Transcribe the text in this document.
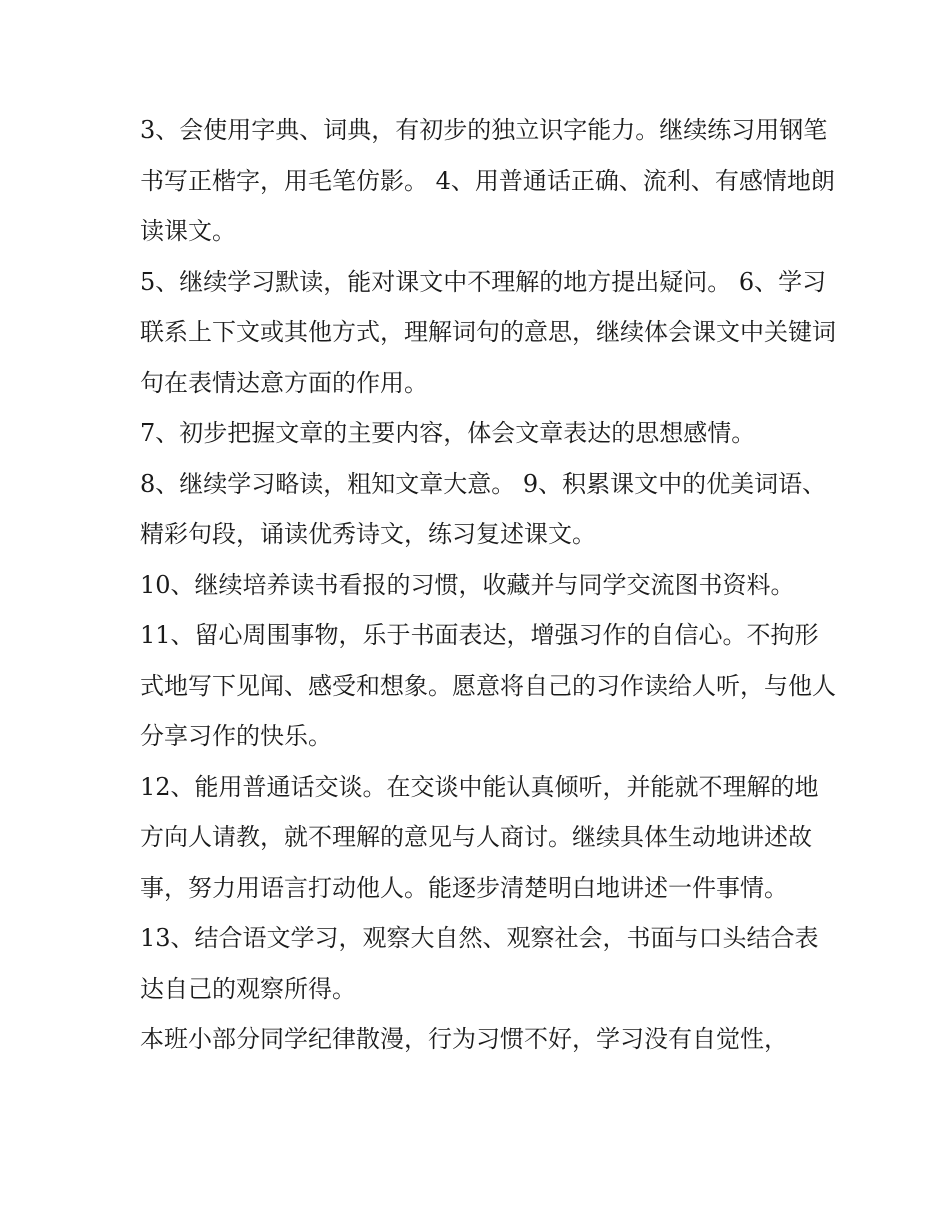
3、会使用字典、词典，有初步的独立识字能力。继续练习用钢笔书写正楷字，用毛笔仿影。 4、用普通话正确、流利、有感情地朗读课文。

5、继续学习默读，能对课文中不理解的地方提出疑问。 6、学习联系上下文或其他方式，理解词句的意思，继续体会课文中关键词句在表情达意方面的作用。

7、初步把握文章的主要内容，体会文章表达的思想感情。

8、继续学习略读，粗知文章大意。 9、积累课文中的优美词语、精彩句段，诵读优秀诗文，练习复述课文。

10、继续培养读书看报的习惯，收藏并与同学交流图书资料。

11、留心周围事物，乐于书面表达，增强习作的自信心。不拘形式地写下见闻、感受和想象。愿意将自己的习作读给人听，与他人分享习作的快乐。

12、能用普通话交谈。在交谈中能认真倾听，并能就不理解的地方向人请教，就不理解的意见与人商讨。继续具体生动地讲述故事，努力用语言打动他人。能逐步清楚明白地讲述一件事情。

13、结合语文学习，观察大自然、观察社会，书面与口头结合表达自己的观察所得。

本班小部分同学纪律散漫，行为习惯不好，学习没有自觉性，
